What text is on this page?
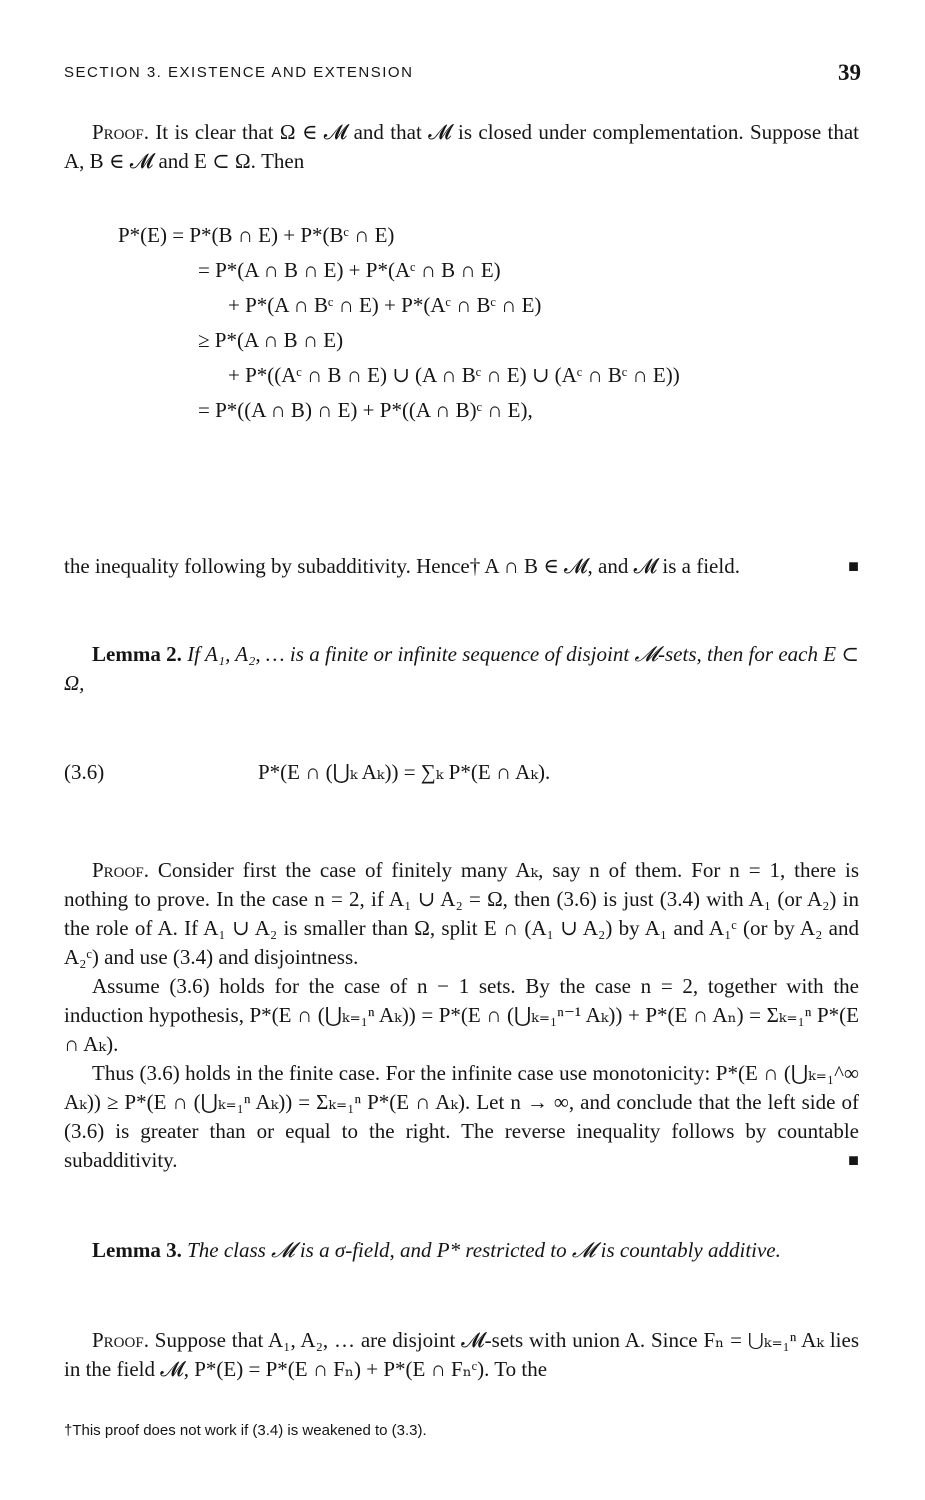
SECTION 3. EXISTENCE AND EXTENSION	39

Proof. It is clear that Ω ∈ 𝓜 and that 𝓜 is closed under complementation. Suppose that A, B ∈ 𝓜 and E ⊂ Ω. Then

P*(E) = P*(B ∩ E) + P*(Bᶜ ∩ E)
= P*(A ∩ B ∩ E) + P*(Aᶜ ∩ B ∩ E)
+ P*(A ∩ Bᶜ ∩ E) + P*(Aᶜ ∩ Bᶜ ∩ E)
≥ P*(A ∩ B ∩ E)
+ P*((Aᶜ ∩ B ∩ E) ∪ (A ∩ Bᶜ ∩ E) ∪ (Aᶜ ∩ Bᶜ ∩ E))
= P*((A ∩ B) ∩ E) + P*((A ∩ B)ᶜ ∩ E),

the inequality following by subadditivity. Hence† A ∩ B ∈ 𝓜, and 𝓜 is a field.	■

Lemma 2. If A₁, A₂, … is a finite or infinite sequence of disjoint 𝓜-sets, then for each E ⊂ Ω,

(3.6)	P*(E ∩ (⋃ₖ Aₖ)) = ∑ₖ P*(E ∩ Aₖ).

Proof. Consider first the case of finitely many Aₖ, say n of them. For n = 1, there is nothing to prove. In the case n = 2, if A₁ ∪ A₂ = Ω, then (3.6) is just (3.4) with A₁ (or A₂) in the role of A. If A₁ ∪ A₂ is smaller than Ω, split E ∩ (A₁ ∪ A₂) by A₁ and A₁ᶜ (or by A₂ and A₂ᶜ) and use (3.4) and disjointness.

Assume (3.6) holds for the case of n − 1 sets. By the case n = 2, together with the induction hypothesis, P*(E ∩ (⋃ₖ₌₁ⁿ Aₖ)) = P*(E ∩ (⋃ₖ₌₁ⁿ⁻¹ Aₖ)) + P*(E ∩ Aₙ) = Σₖ₌₁ⁿ P*(E ∩ Aₖ).

Thus (3.6) holds in the finite case. For the infinite case use monotonicity: P*(E ∩ (⋃ₖ₌₁^∞ Aₖ)) ≥ P*(E ∩ (⋃ₖ₌₁ⁿ Aₖ)) = Σₖ₌₁ⁿ P*(E ∩ Aₖ). Let n → ∞, and conclude that the left side of (3.6) is greater than or equal to the right. The reverse inequality follows by countable subadditivity.	■

Lemma 3. The class 𝓜 is a σ-field, and P* restricted to 𝓜 is countably additive.

Proof. Suppose that A₁, A₂, … are disjoint 𝓜-sets with union A. Since Fₙ = ⋃ₖ₌₁ⁿ Aₖ lies in the field 𝓜, P*(E) = P*(E ∩ Fₙ) + P*(E ∩ Fₙᶜ). To the

†This proof does not work if (3.4) is weakened to (3.3).
